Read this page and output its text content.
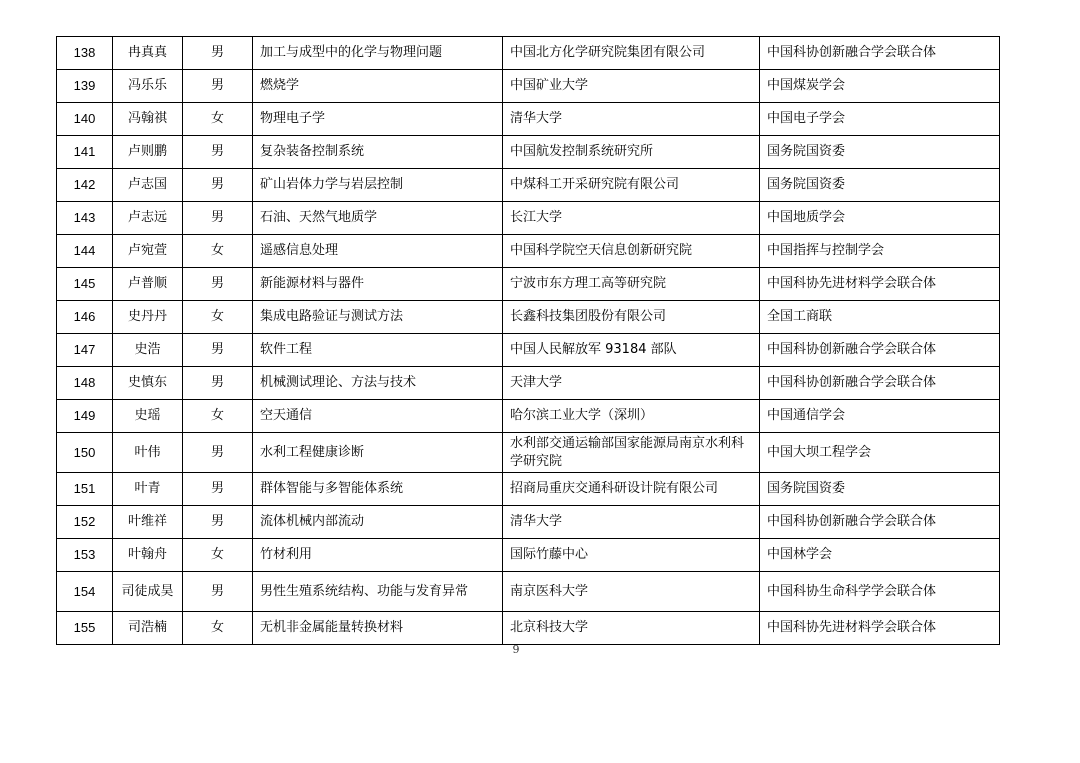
138	冉真真	男	加工与成型中的化学与物理问题	中国北方化学研究院集团有限公司	中国科协创新融合学会联合体
139	冯乐乐	男	燃烧学	中国矿业大学	中国煤炭学会
140	冯翰祺	女	物理电子学	清华大学	中国电子学会
141	卢则鹏	男	复杂装备控制系统	中国航发控制系统研究所	国务院国资委
142	卢志国	男	矿山岩体力学与岩层控制	中煤科工开采研究院有限公司	国务院国资委
143	卢志远	男	石油、天然气地质学	长江大学	中国地质学会
144	卢宛萱	女	遥感信息处理	中国科学院空天信息创新研究院	中国指挥与控制学会
145	卢普顺	男	新能源材料与器件	宁波市东方理工高等研究院	中国科协先进材料学会联合体
146	史丹丹	女	集成电路验证与测试方法	长鑫科技集团股份有限公司	全国工商联
147	史浩	男	软件工程	中国人民解放军 93184 部队	中国科协创新融合学会联合体
148	史慎东	男	机械测试理论、方法与技术	天津大学	中国科协创新融合学会联合体
149	史瑶	女	空天通信	哈尔滨工业大学（深圳）	中国通信学会
150	叶伟	男	水利工程健康诊断	水利部交通运输部国家能源局南京水利科学研究院	中国大坝工程学会
151	叶青	男	群体智能与多智能体系统	招商局重庆交通科研设计院有限公司	国务院国资委
152	叶维祥	男	流体机械内部流动	清华大学	中国科协创新融合学会联合体
153	叶翰舟	女	竹材利用	国际竹藤中心	中国林学会
154	司徒成昊	男	男性生殖系统结构、功能与发育异常	南京医科大学	中国科协生命科学学会联合体
155	司浩楠	女	无机非金属能量转换材料	北京科技大学	中国科协先进材料学会联合体
9
